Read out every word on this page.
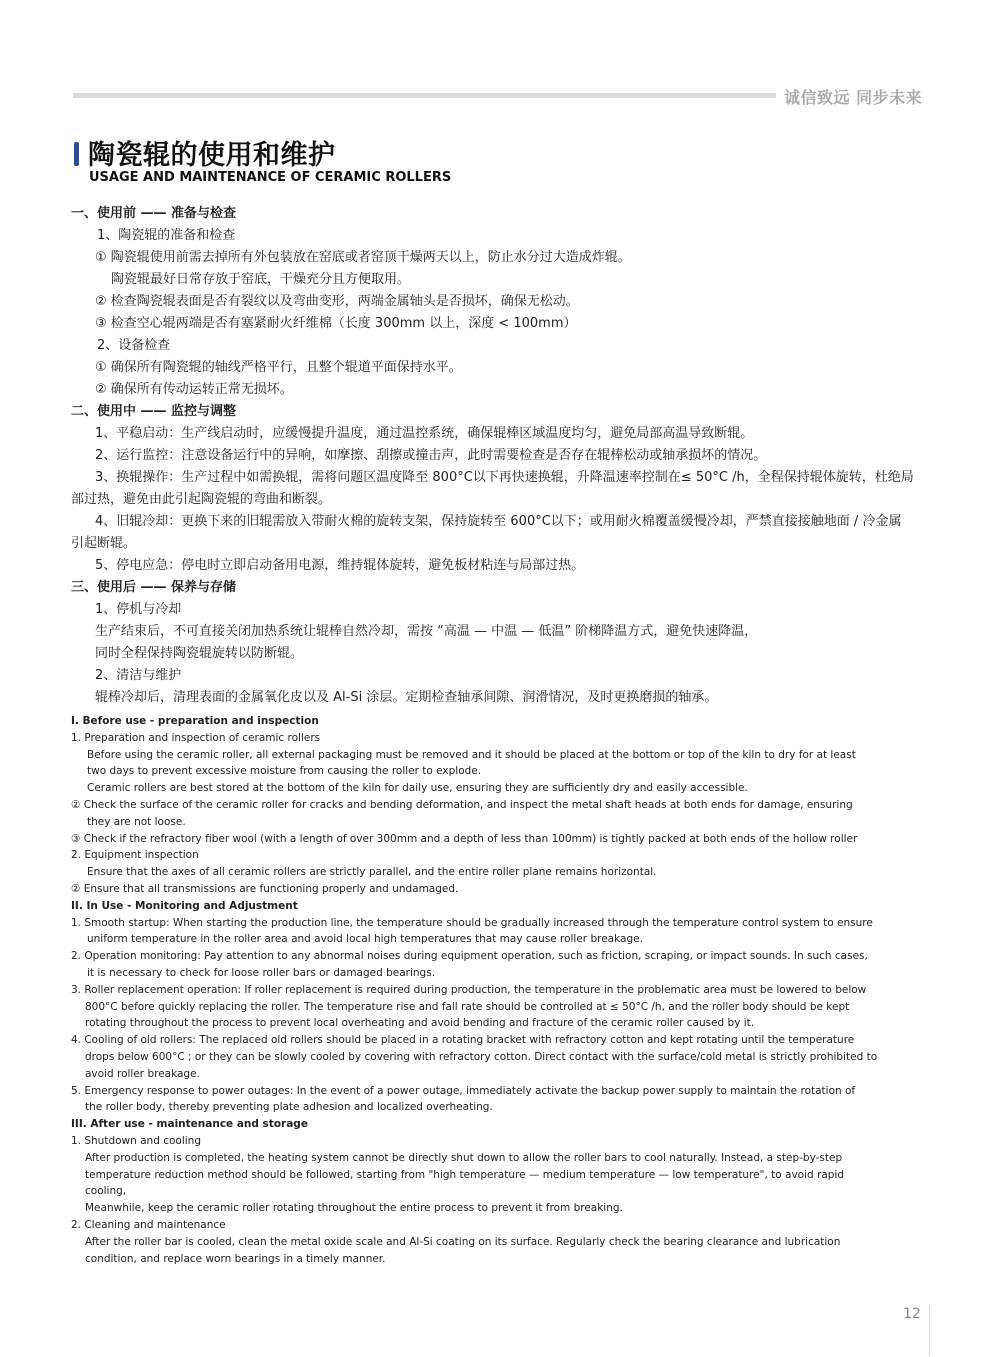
诚信致远 同步未来
陶瓷辊的使用和维护
USAGE AND MAINTENANCE OF CERAMIC ROLLERS
一、使用前 —— 准备与检查
1、陶瓷辊的准备和检查
① 陶瓷辊使用前需去掉所有外包装放在窑底或者窑顶干燥两天以上，防止水分过大造成炸辊。
陶瓷辊最好日常存放于窑底，干燥充分且方便取用。
② 检查陶瓷辊表面是否有裂纹以及弯曲变形，两端金属轴头是否损坏，确保无松动。
③ 检查空心辊两端是否有塞紧耐火纤维棉（长度 300mm 以上，深度 < 100mm）
2、设备检查
① 确保所有陶瓷辊的轴线严格平行，且整个辊道平面保持水平。
② 确保所有传动运转正常无损坏。
二、使用中 —— 监控与调整
1、平稳启动：生产线启动时，应缓慢提升温度，通过温控系统，确保辊棒区域温度均匀，避免局部高温导致断辊。
2、运行监控：注意设备运行中的异响，如摩擦、刮擦或撞击声，此时需要检查是否存在辊棒松动或轴承损坏的情况。
3、换辊操作：生产过程中如需换辊，需将问题区温度降至 800°C以下再快速换辊，升降温速率控制在≤ 50°C /h，全程保持辊体旋转，杜绝局
部过热，避免由此引起陶瓷辊的弯曲和断裂。
4、旧辊冷却：更换下来的旧辊需放入带耐火棉的旋转支架，保持旋转至 600°C以下；或用耐火棉覆盖缓慢冷却，严禁直接接触地面 / 冷金属
引起断辊。
5、停电应急：停电时立即启动备用电源，维持辊体旋转，避免板材粘连与局部过热。
三、使用后 —— 保养与存储
1、停机与冷却
生产结束后，不可直接关闭加热系统让辊棒自然冷却，需按 “高温 — 中温 — 低温” 阶梯降温方式，避免快速降温，
同时全程保持陶瓷辊旋转以防断辊。
2、清洁与维护
辊棒冷却后，清理表面的金属氧化皮以及 Al-Si 涂层。定期检查轴承间隙、润滑情况，及时更换磨损的轴承。
I. Before use - preparation and inspection
1. Preparation and inspection of ceramic rollers
Before using the ceramic roller, all external packaging must be removed and it should be placed at the bottom or top of the kiln to dry for at least
two days to prevent excessive moisture from causing the roller to explode.
Ceramic rollers are best stored at the bottom of the kiln for daily use, ensuring they are sufficiently dry and easily accessible.
② Check the surface of the ceramic roller for cracks and bending deformation, and inspect the metal shaft heads at both ends for damage, ensuring
they are not loose.
③ Check if the refractory fiber wool (with a length of over 300mm and a depth of less than 100mm) is tightly packed at both ends of the hollow roller
2. Equipment inspection
Ensure that the axes of all ceramic rollers are strictly parallel, and the entire roller plane remains horizontal.
② Ensure that all transmissions are functioning properly and undamaged.
II. In Use - Monitoring and Adjustment
1. Smooth startup: When starting the production line, the temperature should be gradually increased through the temperature control system to ensure
uniform temperature in the roller area and avoid local high temperatures that may cause roller breakage.
2. Operation monitoring: Pay attention to any abnormal noises during equipment operation, such as friction, scraping, or impact sounds. In such cases,
it is necessary to check for loose roller bars or damaged bearings.
3. Roller replacement operation: If roller replacement is required during production, the temperature in the problematic area must be lowered to below
800°C before quickly replacing the roller. The temperature rise and fall rate should be controlled at ≤ 50°C /h, and the roller body should be kept
rotating throughout the process to prevent local overheating and avoid bending and fracture of the ceramic roller caused by it.
4. Cooling of old rollers: The replaced old rollers should be placed in a rotating bracket with refractory cotton and kept rotating until the temperature
drops below 600°C ; or they can be slowly cooled by covering with refractory cotton. Direct contact with the surface/cold metal is strictly prohibited to
avoid roller breakage.
5. Emergency response to power outages: In the event of a power outage, immediately activate the backup power supply to maintain the rotation of
the roller body, thereby preventing plate adhesion and localized overheating.
III. After use - maintenance and storage
1. Shutdown and cooling
After production is completed, the heating system cannot be directly shut down to allow the roller bars to cool naturally. Instead, a step-by-step
temperature reduction method should be followed, starting from "high temperature — medium temperature — low temperature", to avoid rapid
cooling,
Meanwhile, keep the ceramic roller rotating throughout the entire process to prevent it from breaking.
2. Cleaning and maintenance
After the roller bar is cooled, clean the metal oxide scale and Al-Si coating on its surface. Regularly check the bearing clearance and lubrication
condition, and replace worn bearings in a timely manner.
12
